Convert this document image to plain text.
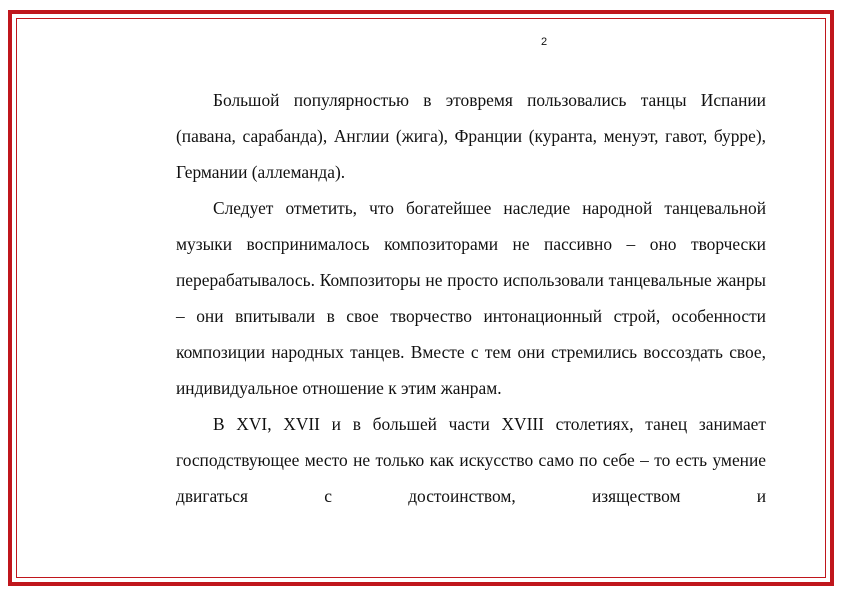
2

Большой популярностью в этовремя пользовались танцы Испании (павана, сарабанда), Англии (жига), Франции (куранта, менуэт, гавот, бурре), Германии (аллеманда).

Следует отметить, что богатейшее наследие народной танцевальной музыки воспринималось композиторами не пассивно – оно творчески перерабатывалось. Композиторы не просто использовали танцевальные жанры – они впитывали в свое творчество интонационный строй, особенности композиции народных танцев. Вместе с тем они стремились воссоздать свое, индивидуальное отношение к этим жанрам.

В XVI, XVII и в большей части XVIII столетиях, танец занимает господствующее место не только как искусство само по себе – то есть умение двигаться с достоинством, изяществом и
